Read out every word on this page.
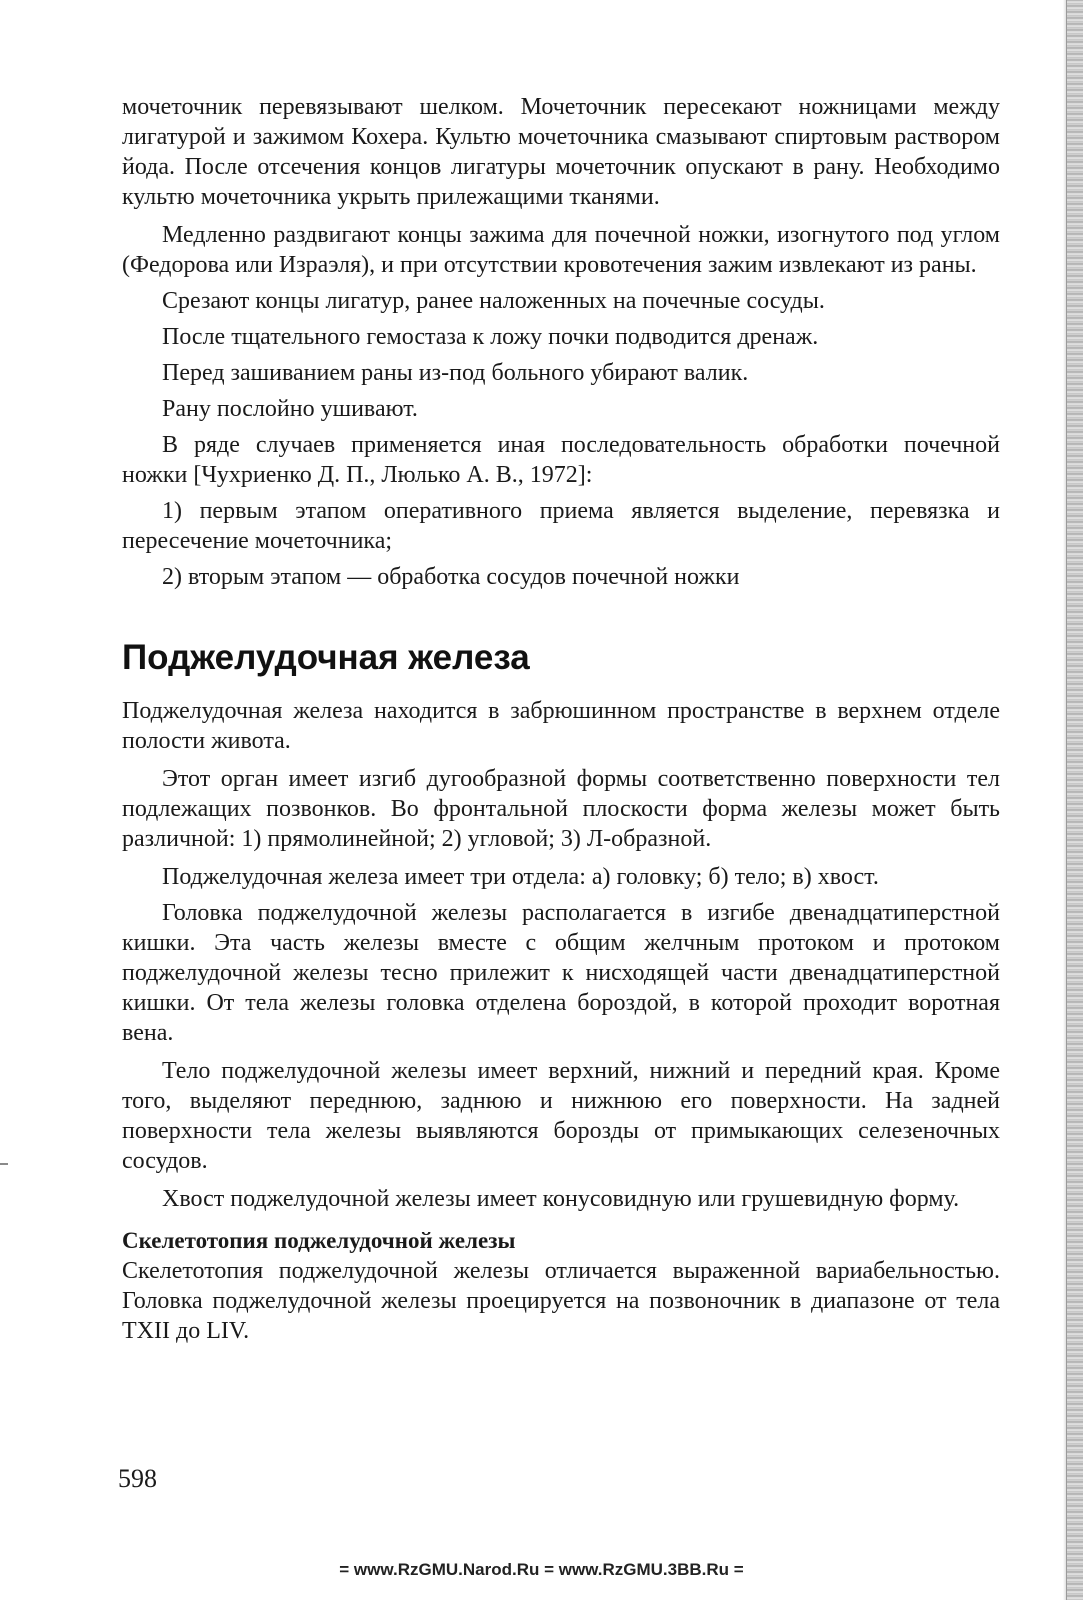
мочеточник перевязывают шелком. Мочеточник пересекают ножницами между лигатурой и зажимом Кохера. Культю мочеточника смазывают спиртовым раствором йода. После отсечения концов лигатуры мочеточник опускают в рану. Необходимо культю мочеточника укрыть прилежащими тканями.

Медленно раздвигают концы зажима для почечной ножки, изогнутого под углом (Федорова или Израэля), и при отсутствии кровотечения зажим извлекают из раны.

Срезают концы лигатур, ранее наложенных на почечные сосуды.

После тщательного гемостаза к ложу почки подводится дренаж.

Перед зашиванием раны из-под больного убирают валик.

Рану послойно ушивают.

В ряде случаев применяется иная последовательность обработки почечной ножки [Чухриенко Д. П., Люлько А. В., 1972]:

1) первым этапом оперативного приема является выделение, перевязка и пересечение мочеточника;

2) вторым этапом — обработка сосудов почечной ножки

Поджелудочная железа

Поджелудочная железа находится в забрюшинном пространстве в верхнем отделе полости живота.

Этот орган имеет изгиб дугообразной формы соответственно поверхности тел подлежащих позвонков. Во фронтальной плоскости форма железы может быть различной: 1) прямолинейной; 2) угловой; 3) Л-образной.

Поджелудочная железа имеет три отдела: а) головку; б) тело; в) хвост.

Головка поджелудочной железы располагается в изгибе двенадцатиперстной кишки. Эта часть железы вместе с общим желчным протоком и протоком поджелудочной железы тесно прилежит к нисходящей части двенадцатиперстной кишки. От тела железы головка отделена бороздой, в которой проходит воротная вена.

Тело поджелудочной железы имеет верхний, нижний и передний края. Кроме того, выделяют переднюю, заднюю и нижнюю его поверхности. На задней поверхности тела железы выявляются борозды от примыкающих селезеночных сосудов.

Хвост поджелудочной железы имеет конусовидную или грушевидную форму.

Скелетотопия поджелудочной железы

Скелетотопия поджелудочной железы отличается выраженной вариабельностью. Головка поджелудочной железы проецируется на позвоночник в диапазоне от тела TXII до LIV.

598
= www.RzGMU.Narod.Ru = www.RzGMU.3BB.Ru =
